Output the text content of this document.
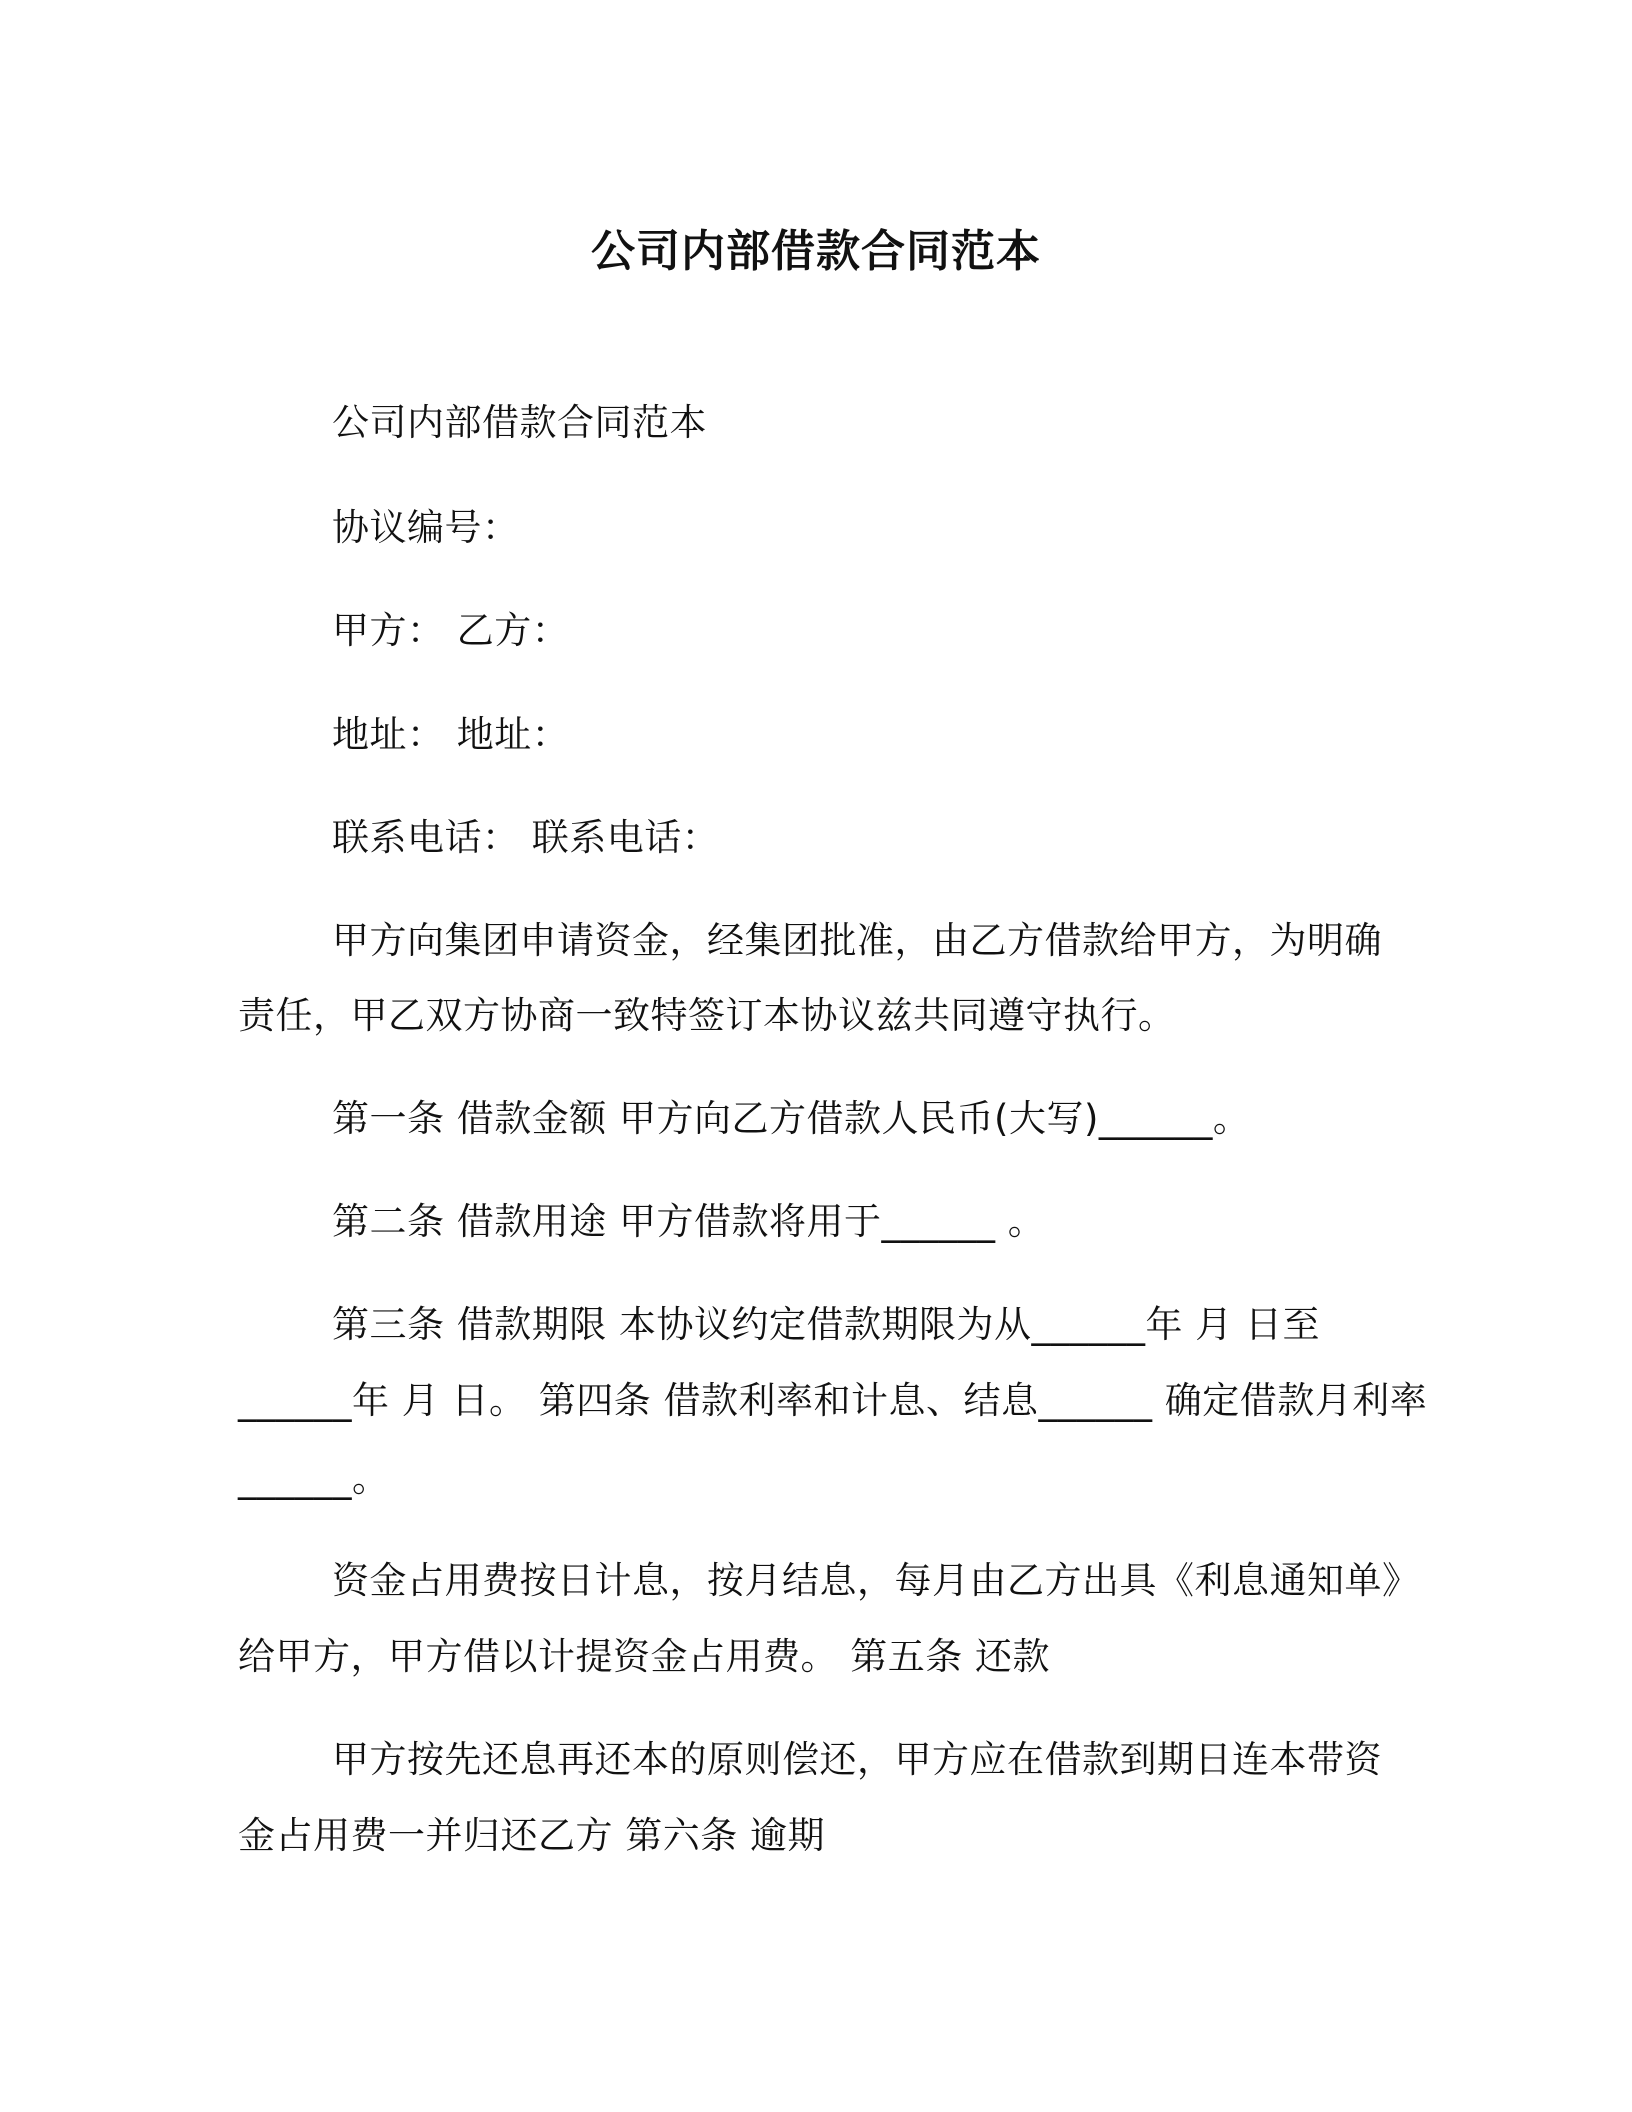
公司内部借款合同范本
公司内部借款合同范本
协议编号：
甲方： 乙方：
地址： 地址：
联系电话： 联系电话：
甲方向集团申请资金，经集团批准，由乙方借款给甲方，为明确
责任，甲乙双方协商一致特签订本协议兹共同遵守执行。
第一条 借款金额 甲方向乙方借款人民币(大写)______。
第二条 借款用途 甲方借款将用于______ 。
第三条 借款期限 本协议约定借款期限为从______年 月 日至
______年 月 日。 第四条 借款利率和计息、结息______ 确定借款月利率
______。
资金占用费按日计息，按月结息，每月由乙方出具《利息通知单》
给甲方，甲方借以计提资金占用费。 第五条 还款
甲方按先还息再还本的原则偿还，甲方应在借款到期日连本带资
金占用费一并归还乙方 第六条 逾期
